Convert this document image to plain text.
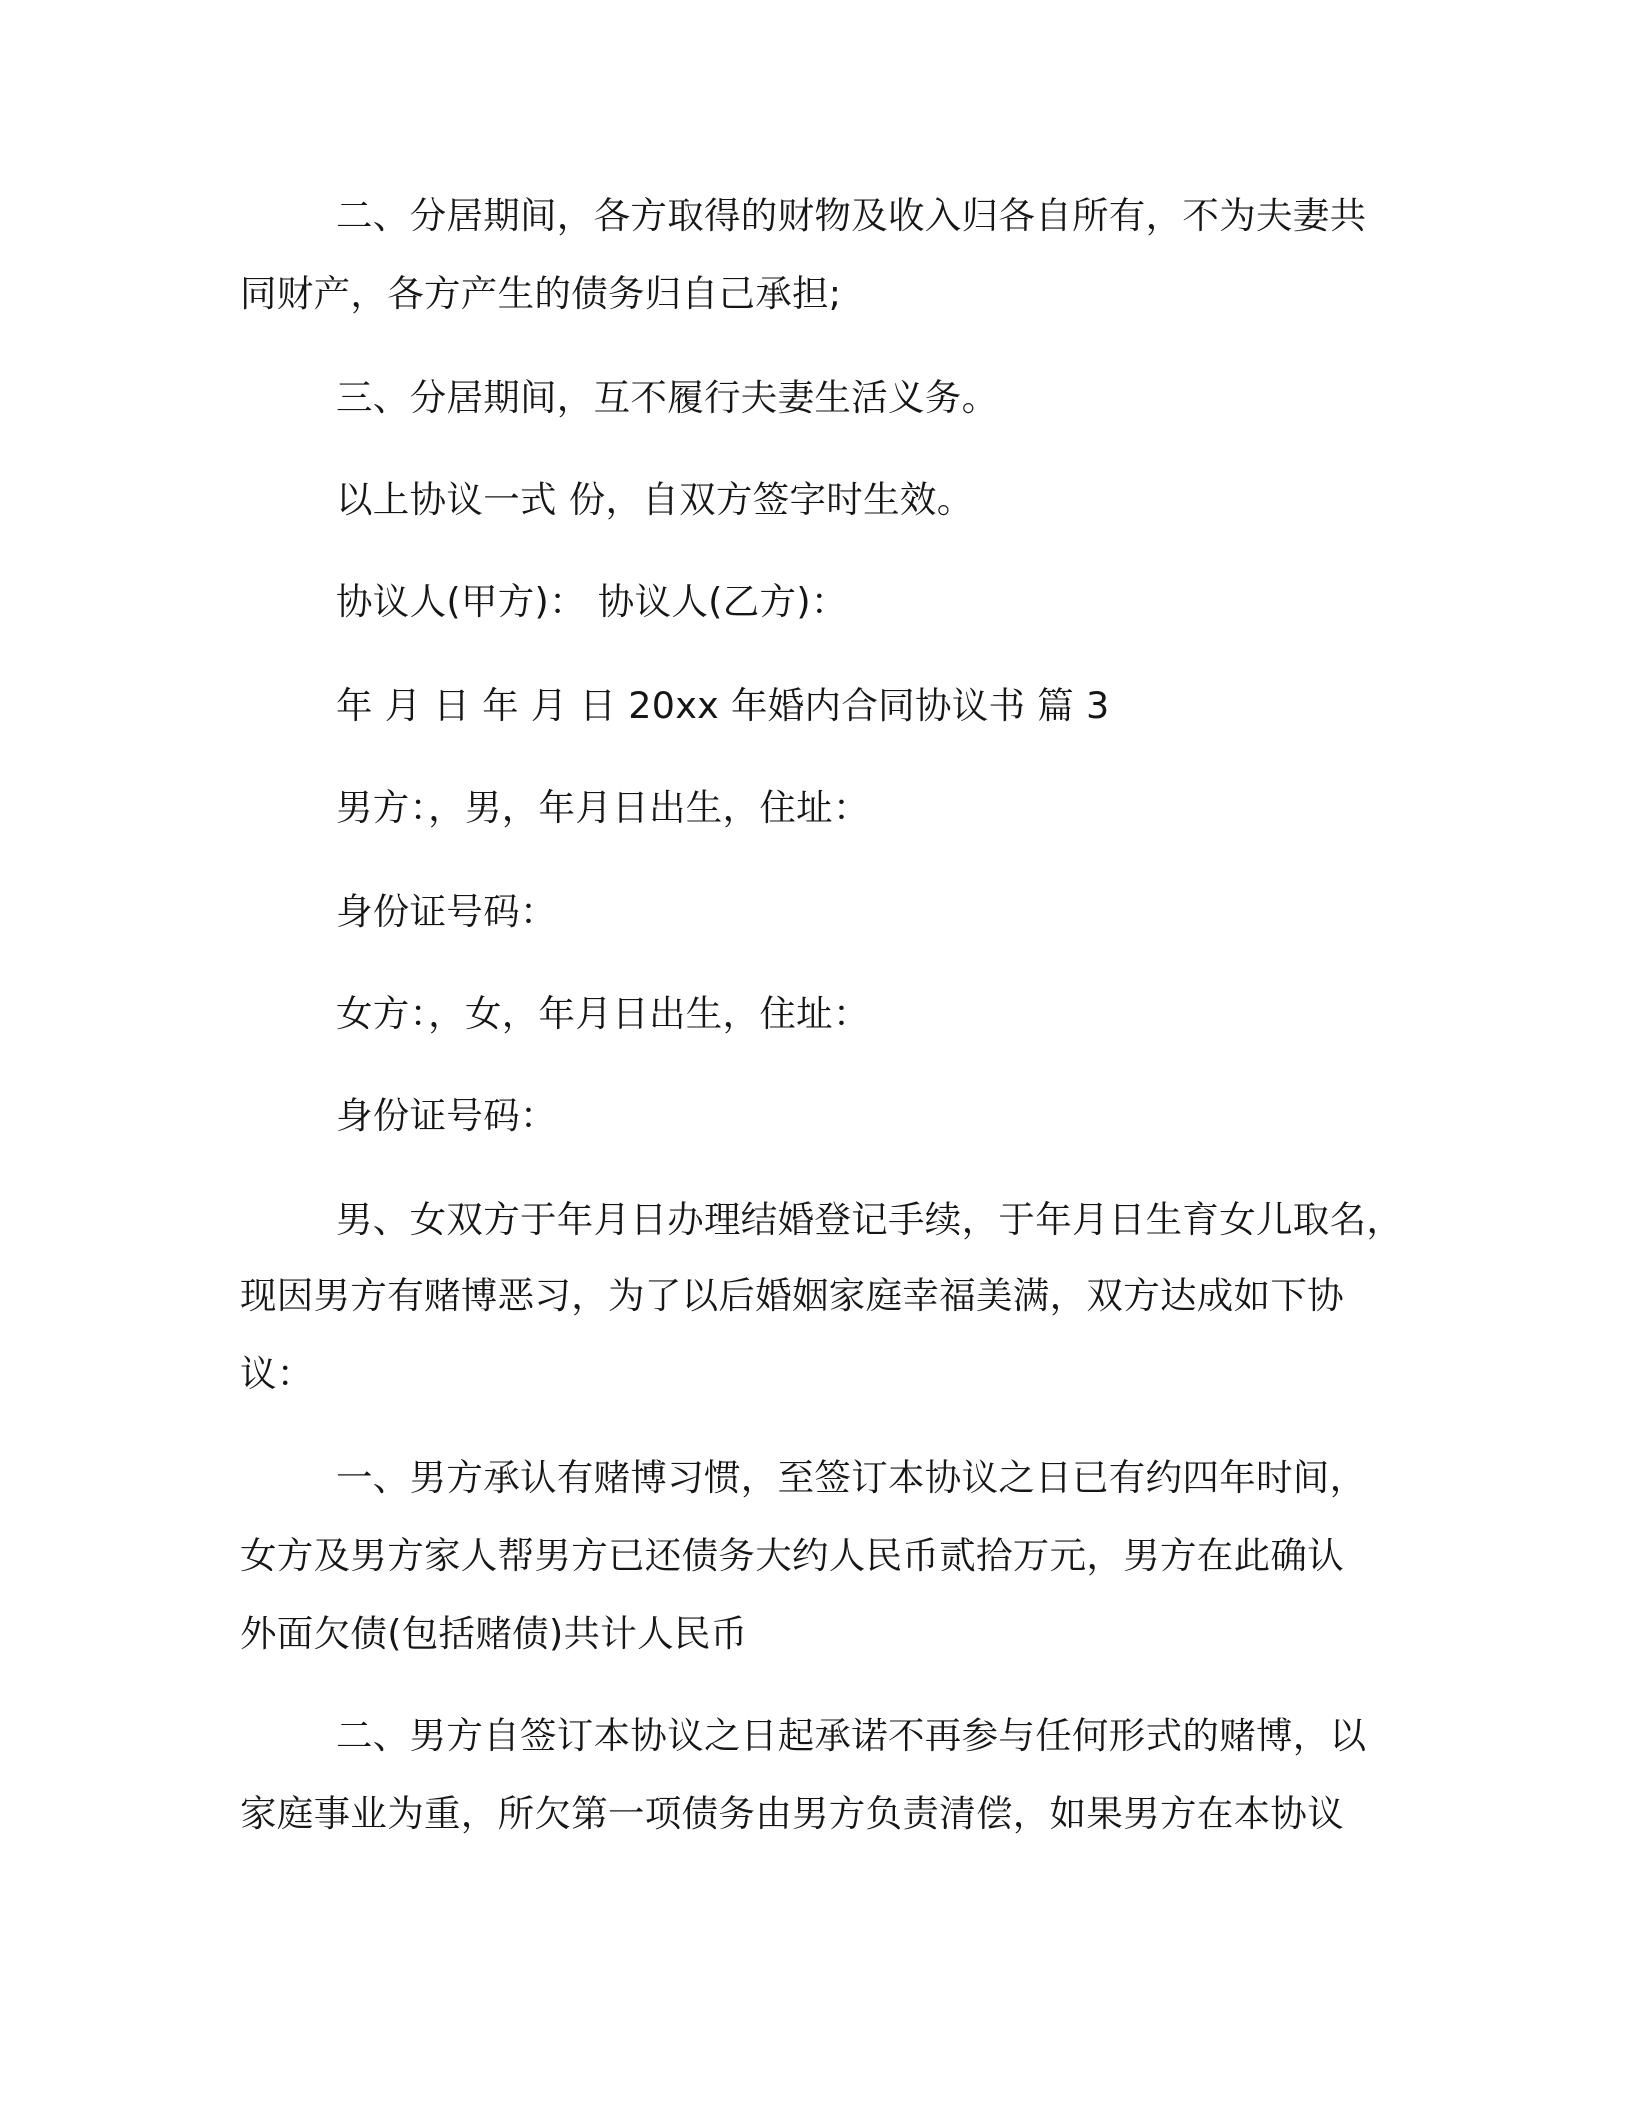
二、分居期间，各方取得的财物及收入归各自所有，不为夫妻共
同财产，各方产生的债务归自己承担;
三、分居期间，互不履行夫妻生活义务。
以上协议一式 份，自双方签字时生效。
协议人(甲方)： 协议人(乙方)：
年 月 日 年 月 日 20xx 年婚内合同协议书 篇 3
男方：，男，年月日出生，住址：
身份证号码：
女方：，女，年月日出生，住址：
身份证号码：
男、女双方于年月日办理结婚登记手续，于年月日生育女儿取名，
现因男方有赌博恶习，为了以后婚姻家庭幸福美满，双方达成如下协
议：
一、男方承认有赌博习惯，至签订本协议之日已有约四年时间，
女方及男方家人帮男方已还债务大约人民币贰拾万元，男方在此确认
外面欠债(包括赌债)共计人民币
二、男方自签订本协议之日起承诺不再参与任何形式的赌博，以
家庭事业为重，所欠第一项债务由男方负责清偿，如果男方在本协议
